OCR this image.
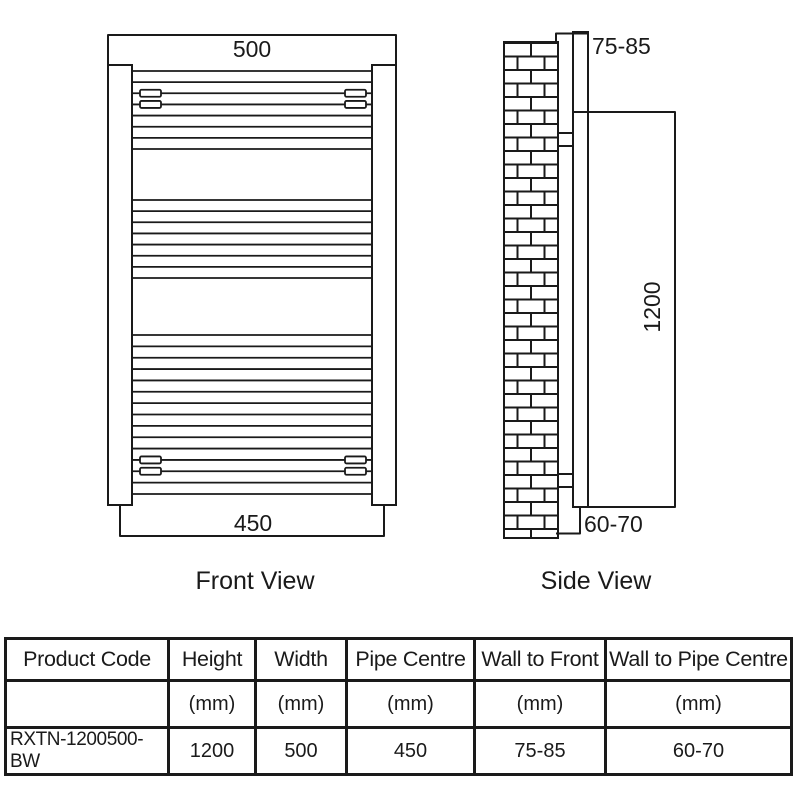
500
450
Front View
75-85
1200
60-70
Side View
Product Code	Height	Width	Pipe Centre	Wall to Front	Wall to Pipe Centre
	(mm)	(mm)	(mm)	(mm)	(mm)
RXTN-1200500-BW	1200	500	450	75-85	60-70
